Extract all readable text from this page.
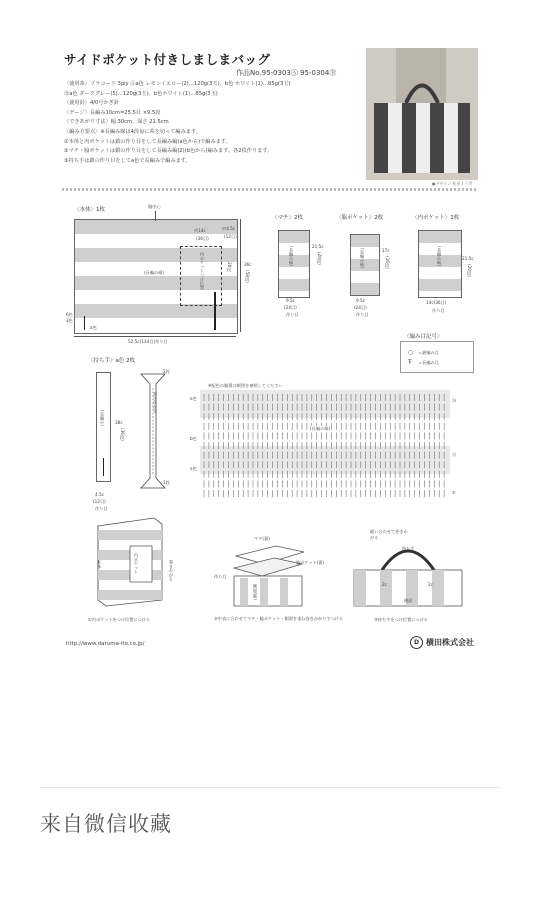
サイドポケット付きしましまバッグ
作品No.95-0303Ⓐ 95-0304Ⓑ
〈使用糸〉プラコード 3ply Ⓐa色 レモンイエロー(2)…120g(3玉)、b色 ホワイト(1)…85g(3玉)
Ⓑa色 ダークグレー(5)…120g(3玉)、b色ホワイト(1)…85g(3玉)
〈使用針〉4/0号かぎ針
〈ゲージ〉長編み10cm=25.5目 ×9.5段
〈できあがり寸法〉幅 30cm、深さ 21.5cm
〈編み方要点〉※長編み線は4段毎に糸を切って編みます。
①本体と内ポケットは鎖の作り目をして長編み編(a色から)で編みます。
②マチ・脇ポケットは鎖の作り目をして長編み編(2)(b色から)編みます。各2枚作ります。
③持ち手は鎖の作り目をしてa色で長編みで編みます。
●デザイン 松田すう世
〈本体〉1枚
脇中心
約14c
(36目)
約4.5c
(12目)
内ポケットつけ位置
(長編み縞)
20段	36c
(58段)
52.5c(134目)作り目
6色
3色
a色
〈マチ〉2枚
(長編み縞)	21.5c
(20段)
9.5c
(24目)
作り目
〈脇ポケット〉2枚
(長編み縞)	17c
(16段)
9.5c
(24目)
作り目
〈内ポケット〉1枚
(長編み縞)	21.5c
(20段)
14c(36目)
作り目
〈編み目記号〉
○ ＝鎖編み目
Ŧ ＝長編み目
〈持ち手〉a色 2枚
(長編み) 38c
(36段)
4.5c
(12目)
作り目
2段
巻きかがる
1段
※配色の順番は制図を参照してください
a色
b色
a色
(長編み縞)
⑳
⑫
①
本体	内ポケット	巻きかがる
①内ポケットをつけ位置につける
マチ(裏)
脇ポケット(裏)
側面(裏)
作り目
②中表に合わせてマチ・脇ポケット・側面を重ね巻きかがりでつける
持ち手
縫い合わせて巻きかがる
側面
2c	2c
③持ち手をつけ位置につける
http://www.daruma-ito.co.jp/	D 横田株式会社
来自微信收藏
